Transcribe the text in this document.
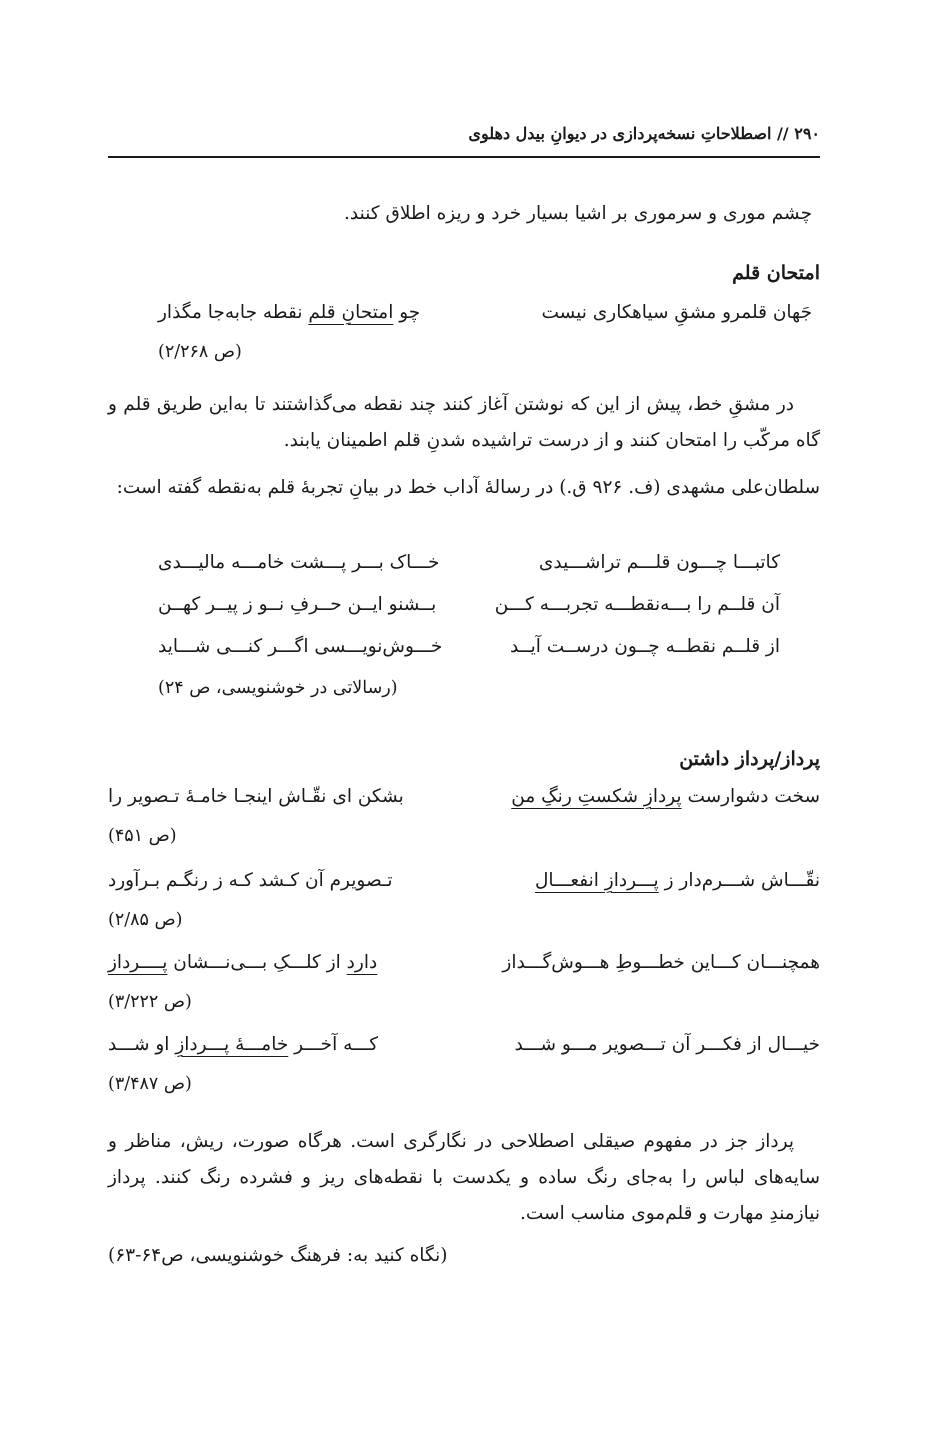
۲۹۰ // اصطلاحاتِ نسخه‌پردازی در دیوانِ بیدل دهلوی
چشم موری و سرموری بر اشیا بسیار خرد و ریزه اطلاق کنند.
امتحان قلم
جَهان قلمرو مشقِ سیاهکاری نیست
چو امتحانِ قلم نقطه جابه‌جا مگذار
(ص ۲/۲۶۸)
در مشقِ خط، پیش از این که نوشتن آغاز کنند چند نقطه می‌گذاشتند تا به‌این طریق قلم و گاه مرکّب را امتحان کنند و از درست تراشیده شدنِ قلم اطمینان یابند.
سلطان‌علی مشهدی (ف. ۹۲۶ ق.) در رسالهٔ آداب خط در بیانِ تجربهٔ قلم به‌نقطه گفته است:
کاتبـــا چـــون قلـــم تراشـــیدی
خـــاک بـــر پـــشت خامـــه مالیـــدی
آن قلــم را بـــه‌نقطـــه تجربـــه کـــن
بــشنو ایــن حــرفِ نــو ز پیــر کهــن
از قلــم نقطــه چــون درســت آیــد
خـــوش‌نویـــسی اگـــر کنـــی شـــاید
(رسالاتی در خوشنویسی، ص ۲۴)
پرداز/پرداز داشتن
سخت دشوارست پردازِ شکستِ رنگِ من
بشکن ای نقّـاش اینجـا خامـهٔ تـصویر را
(ص ۴۵۱)
نقّـــاش شـــرم‌دار ز پـــردازِ انفعـــال
تـصویرم آن کـشد کـه ز رنگـم بـرآورد
(ص ۲/۸۵)
همچنـــان کـــاین خطـــوطِ هـــوش‌گـــداز
دارد از کلـــکِ بـــی‌نـــشان پــــرداز
(ص ۳/۲۲۲)
خیـــال از فکـــر آن تـــصویر مـــو شـــد
کـــه آخـــر خامـــهٔ پـــردازِ او شـــد
(ص ۳/۴۸۷)
پرداز جز در مفهوم صیقلی اصطلاحی در نگارگری است. هرگاه صورت، ریش، مناظر و سایه‌های لباس را به‌جای رنگ ساده و یکدست با نقطه‌های ریز و فشرده رنگ کنند. پرداز نیازمندِ مهارت و قلم‌موی مناسب است.
(نگاه کنید به: فرهنگ خوشنویسی، ص۶۴-۶۳)
